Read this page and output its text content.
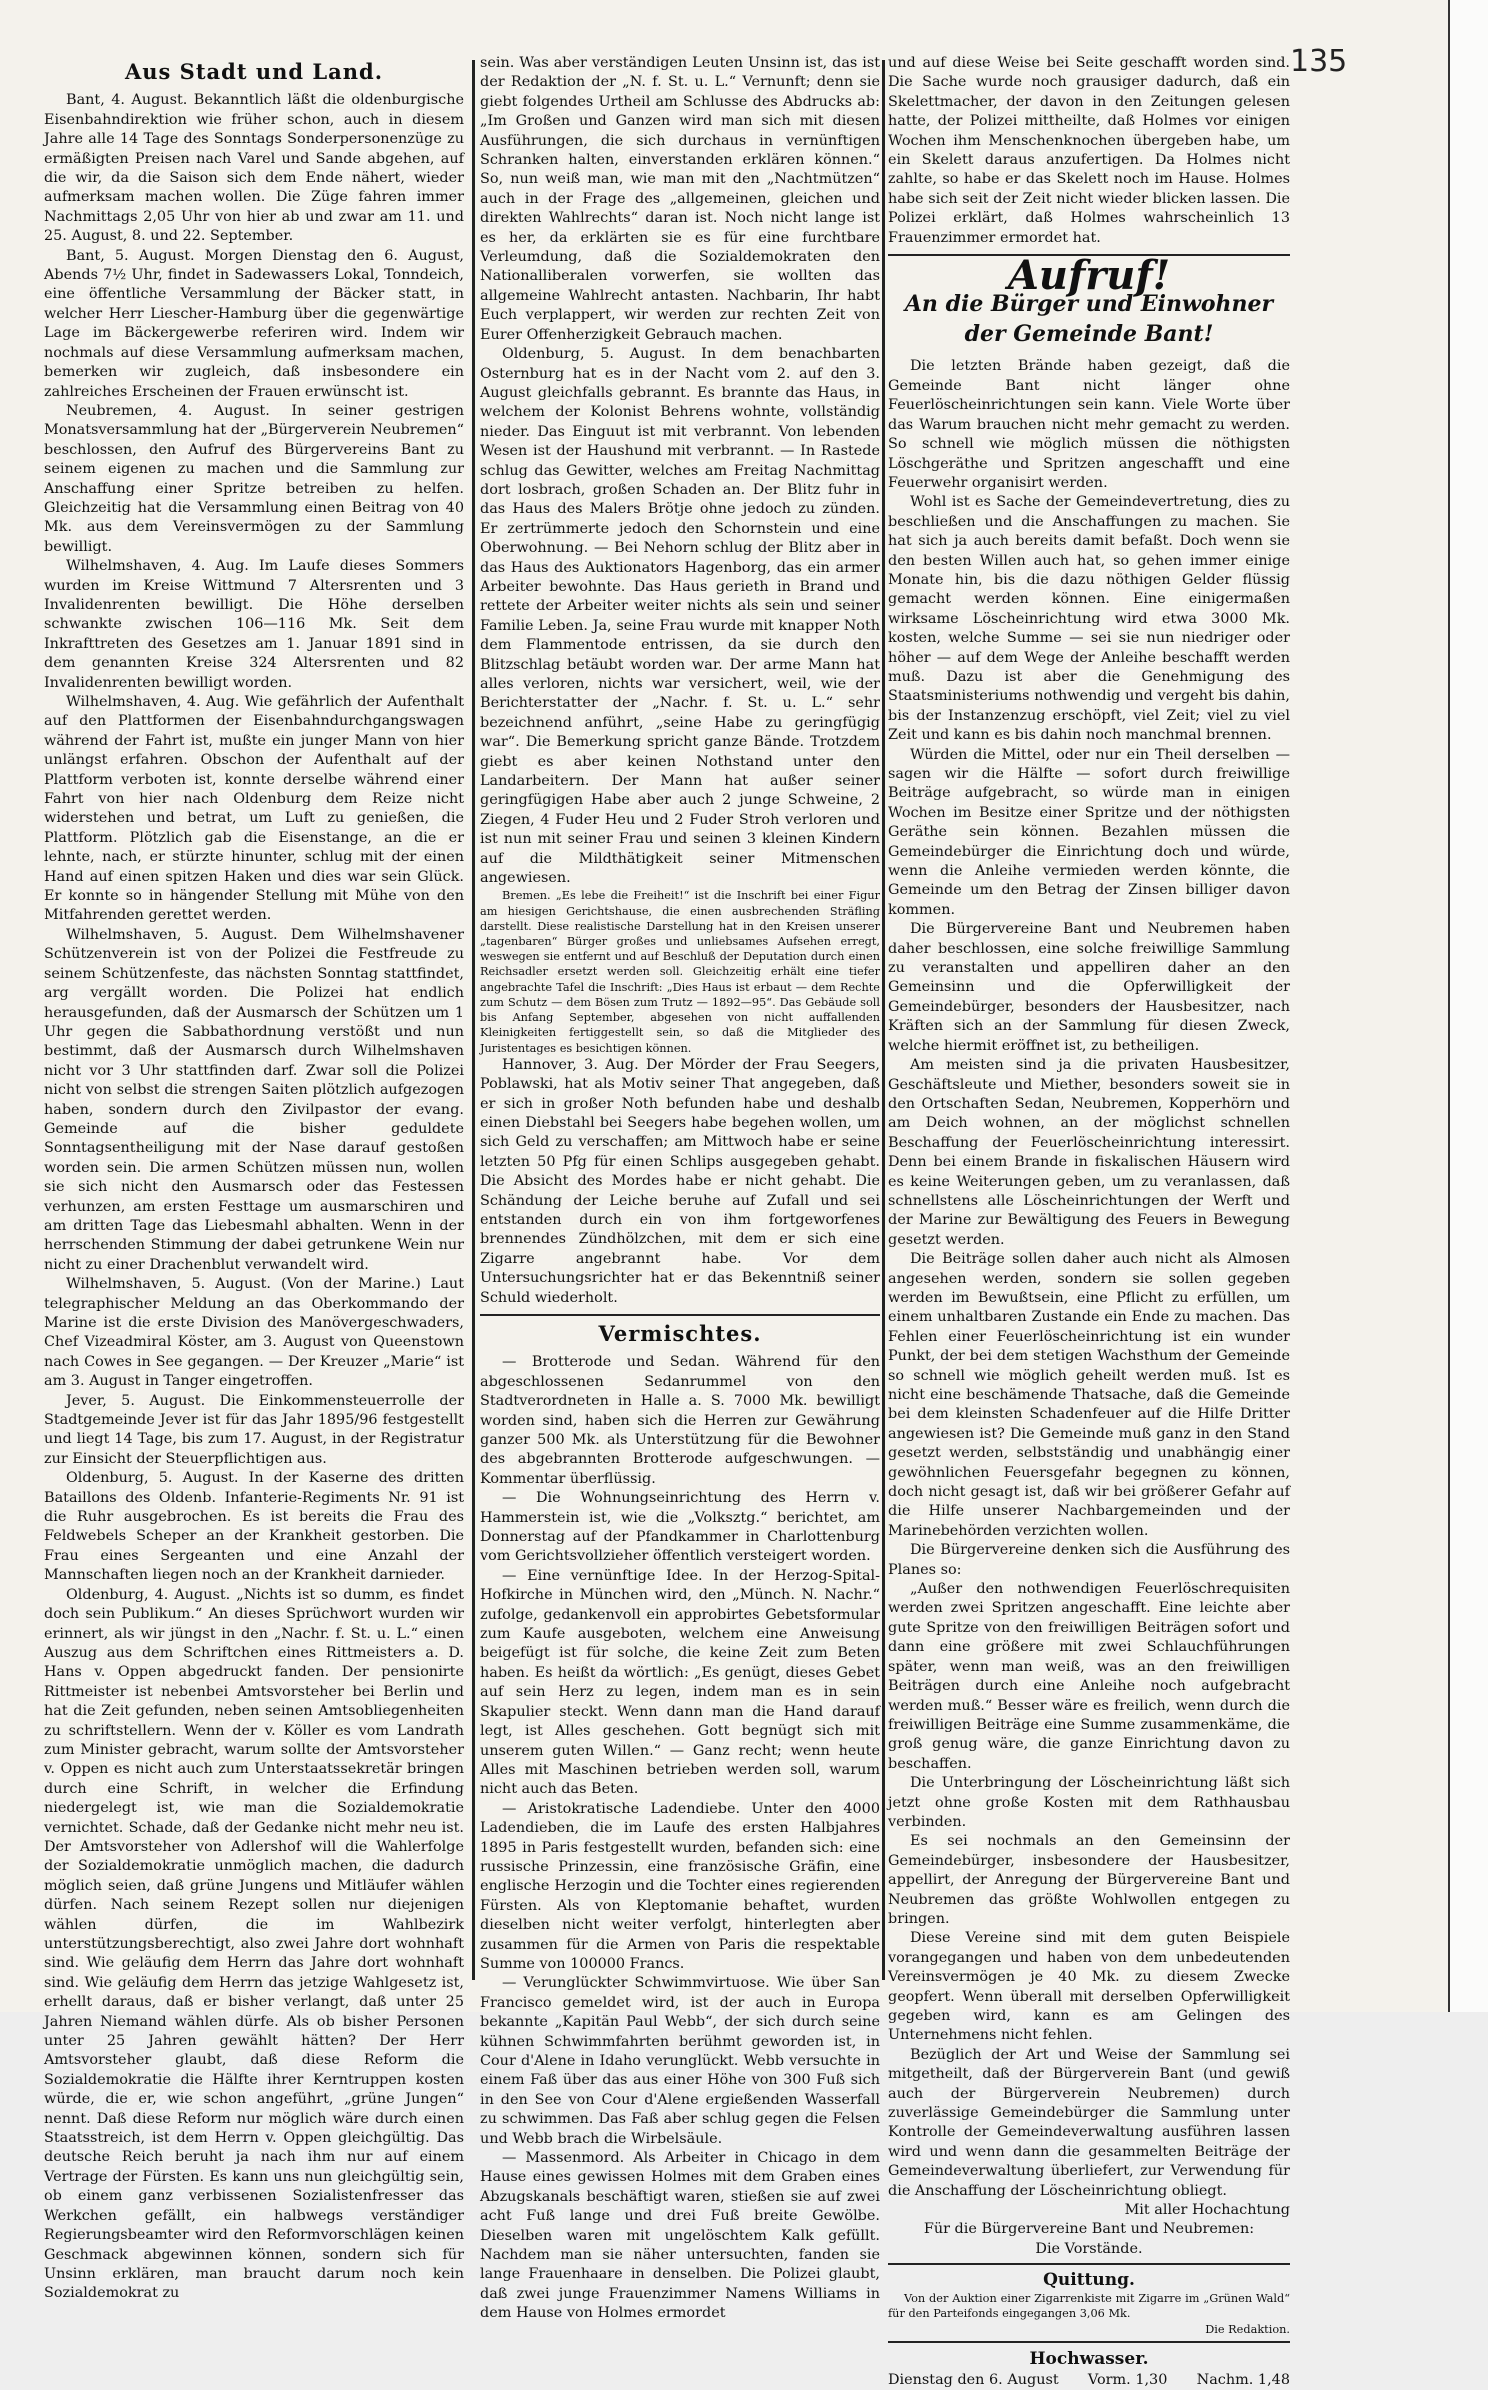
135
Aus Stadt und Land.

Bant, 4. August. Bekanntlich läßt die oldenburgische Eisenbahndirektion wie früher schon, auch in diesem Jahre alle 14 Tage des Sonntags Sonderpersonenzüge zu ermäßigten Preisen nach Varel und Sande abgehen, auf die wir, da die Saison sich dem Ende nähert, wieder aufmerksam machen wollen. Die Züge fahren immer Nachmittags 2,05 Uhr von hier ab und zwar am 11. und 25. August, 8. und 22. September.

Bant, 5. August. Morgen Dienstag den 6. August, Abends 7½ Uhr, findet in Sadewassers Lokal, Tonndeich, eine öffentliche Versammlung der Bäcker statt, in welcher Herr Liescher-Hamburg über die gegenwärtige Lage im Bäckergewerbe referiren wird. Indem wir nochmals auf diese Versammlung aufmerksam machen, bemerken wir zugleich, daß insbesondere ein zahlreiches Erscheinen der Frauen erwünscht ist.

Neubremen, 4. August. In seiner gestrigen Monatsversammlung hat der „Bürgerverein Neubremen“ beschlossen, den Aufruf des Bürgervereins Bant zu seinem eigenen zu machen und die Sammlung zur Anschaffung einer Spritze betreiben zu helfen. Gleichzeitig hat die Versammlung einen Beitrag von 40 Mk. aus dem Vereinsvermögen zu der Sammlung bewilligt.

Wilhelmshaven, 4. Aug. Im Laufe dieses Sommers wurden im Kreise Wittmund 7 Altersrenten und 3 Invalidenrenten bewilligt. Die Höhe derselben schwankte zwischen 106—116 Mk. Seit dem Inkrafttreten des Gesetzes am 1. Januar 1891 sind in dem genannten Kreise 324 Altersrenten und 82 Invalidenrenten bewilligt worden.

Wilhelmshaven, 4. Aug. Wie gefährlich der Aufenthalt auf den Plattformen der Eisenbahndurchgangswagen während der Fahrt ist, mußte ein junger Mann von hier unlängst erfahren. Obschon der Aufenthalt auf der Plattform verboten ist, konnte derselbe während einer Fahrt von hier nach Oldenburg dem Reize nicht widerstehen und betrat, um Luft zu genießen, die Plattform. Plötzlich gab die Eisenstange, an die er lehnte, nach, er stürzte hinunter, schlug mit der einen Hand auf einen spitzen Haken und dies war sein Glück. Er konnte so in hängender Stellung mit Mühe von den Mitfahrenden gerettet werden.

Wilhelmshaven, 5. August. Dem Wilhelmshavener Schützenverein ist von der Polizei die Festfreude zu seinem Schützenfeste, das nächsten Sonntag stattfindet, arg vergällt worden. Die Polizei hat endlich herausgefunden, daß der Ausmarsch der Schützen um 1 Uhr gegen die Sabbathordnung verstößt und nun bestimmt, daß der Ausmarsch durch Wilhelmshaven nicht vor 3 Uhr stattfinden darf. Zwar soll die Polizei nicht von selbst die strengen Saiten plötzlich aufgezogen haben, sondern durch den Zivilpastor der evang. Gemeinde auf die bisher geduldete Sonntagsentheiligung mit der Nase darauf gestoßen worden sein. Die armen Schützen müssen nun, wollen sie sich nicht den Ausmarsch oder das Festessen verhunzen, am ersten Festtage um ausmarschiren und am dritten Tage das Liebesmahl abhalten. Wenn in der herrschenden Stimmung der dabei getrunkene Wein nur nicht zu einer Drachenblut verwandelt wird.

Wilhelmshaven, 5. August. (Von der Marine.) Laut telegraphischer Meldung an das Oberkommando der Marine ist die erste Division des Manövergeschwaders, Chef Vizeadmiral Köster, am 3. August von Queenstown nach Cowes in See gegangen. — Der Kreuzer „Marie“ ist am 3. August in Tanger eingetroffen.

Jever, 5. August. Die Einkommensteuerrolle der Stadtgemeinde Jever ist für das Jahr 1895/96 festgestellt und liegt 14 Tage, bis zum 17. August, in der Registratur zur Einsicht der Steuerpflichtigen aus.

Oldenburg, 5. August. In der Kaserne des dritten Bataillons des Oldenb. Infanterie-Regiments Nr. 91 ist die Ruhr ausgebrochen. Es ist bereits die Frau des Feldwebels Scheper an der Krankheit gestorben. Die Frau eines Sergeanten und eine Anzahl der Mannschaften liegen noch an der Krankheit darnieder.

Oldenburg, 4. August. „Nichts ist so dumm, es findet doch sein Publikum.“ An dieses Sprüchwort wurden wir erinnert, als wir jüngst in den „Nachr. f. St. u. L.“ einen Auszug aus dem Schriftchen eines Rittmeisters a. D. Hans v. Oppen abgedruckt fanden. Der pensionirte Rittmeister ist nebenbei Amtsvorsteher bei Berlin und hat die Zeit gefunden, neben seinen Amtsobliegenheiten zu schriftstellern. Wenn der v. Köller es vom Landrath zum Minister gebracht, warum sollte der Amtsvorsteher v. Oppen es nicht auch zum Unterstaatssekretär bringen durch eine Schrift, in welcher die Erfindung niedergelegt ist, wie man die Sozialdemokratie vernichtet. Schade, daß der Gedanke nicht mehr neu ist. Der Amtsvorsteher von Adlershof will die Wahlerfolge der Sozialdemokratie unmöglich machen, die dadurch möglich seien, daß grüne Jungens und Mitläufer wählen dürfen. Nach seinem Rezept sollen nur diejenigen wählen dürfen, die im Wahlbezirk unterstützungsberechtigt, also zwei Jahre dort wohnhaft sind. Wie geläufig dem Herrn das Jahre dort wohnhaft sind. Wie geläufig dem Herrn das jetzige Wahlgesetz ist, erhellt daraus, daß er bisher verlangt, daß unter 25 Jahren Niemand wählen dürfe. Als ob bisher Personen unter 25 Jahren gewählt hätten? Der Herr Amtsvorsteher glaubt, daß diese Reform die Sozialdemokratie die Hälfte ihrer Kerntruppen kosten würde, die er, wie schon angeführt, „grüne Jungen“ nennt. Daß diese Reform nur möglich wäre durch einen Staatsstreich, ist dem Herrn v. Oppen gleichgültig. Das deutsche Reich beruht ja nach ihm nur auf einem Vertrage der Fürsten. Es kann uns nun gleichgültig sein, ob einem ganz verbissenen Sozialistenfresser das Werkchen gefällt, ein halbwegs verständiger Regierungsbeamter wird den Reformvorschlägen keinen Geschmack abgewinnen können, sondern sich für Unsinn erklären, man braucht darum noch kein Sozialdemokrat zu

sein. Was aber verständigen Leuten Unsinn ist, das ist der Redaktion der „N. f. St. u. L.“ Vernunft; denn sie giebt folgendes Urtheil am Schlusse des Abdrucks ab: „Im Großen und Ganzen wird man sich mit diesen Ausführungen, die sich durchaus in vernünftigen Schranken halten, einverstanden erklären können.“ So, nun weiß man, wie man mit den „Nachtmützen“ auch in der Frage des „allgemeinen, gleichen und direkten Wahlrechts“ daran ist. Noch nicht lange ist es her, da erklärten sie es für eine furchtbare Verleumdung, daß die Sozialdemokraten den Nationalliberalen vorwerfen, sie wollten das allgemeine Wahlrecht antasten. Nachbarin, Ihr habt Euch verplappert, wir werden zur rechten Zeit von Eurer Offenherzigkeit Gebrauch machen.

Oldenburg, 5. August. In dem benachbarten Osternburg hat es in der Nacht vom 2. auf den 3. August gleichfalls gebrannt. Es brannte das Haus, in welchem der Kolonist Behrens wohnte, vollständig nieder. Das Einguut ist mit verbrannt. Von lebenden Wesen ist der Haushund mit verbrannt. — In Rastede schlug das Gewitter, welches am Freitag Nachmittag dort losbrach, großen Schaden an. Der Blitz fuhr in das Haus des Malers Brötje ohne jedoch zu zünden. Er zertrümmerte jedoch den Schornstein und eine Oberwohnung. — Bei Nehorn schlug der Blitz aber in das Haus des Auktionators Hagenborg, das ein armer Arbeiter bewohnte. Das Haus gerieth in Brand und rettete der Arbeiter weiter nichts als sein und seiner Familie Leben. Ja, seine Frau wurde mit knapper Noth dem Flammentode entrissen, da sie durch den Blitzschlag betäubt worden war. Der arme Mann hat alles verloren, nichts war versichert, weil, wie der Berichterstatter der „Nachr. f. St. u. L.“ sehr bezeichnend anführt, „seine Habe zu geringfügig war“. Die Bemerkung spricht ganze Bände. Trotzdem giebt es aber keinen Nothstand unter den Landarbeitern. Der Mann hat außer seiner geringfügigen Habe aber auch 2 junge Schweine, 2 Ziegen, 4 Fuder Heu und 2 Fuder Stroh verloren und ist nun mit seiner Frau und seinen 3 kleinen Kindern auf die Mildthätigkeit seiner Mitmenschen angewiesen.

Bremen. „Es lebe die Freiheit!“ ist die Inschrift bei einer Figur am hiesigen Gerichtshause, die einen ausbrechenden Sträfling darstellt. Diese realistische Darstellung hat in den Kreisen unserer „tagenbaren“ Bürger großes und unliebsames Aufsehen erregt, weswegen sie entfernt und auf Beschluß der Deputation durch einen Reichsadler ersetzt werden soll. Gleichzeitig erhält eine tiefer angebrachte Tafel die Inschrift: „Dies Haus ist erbaut — dem Rechte zum Schutz — dem Bösen zum Trutz — 1892—95“. Das Gebäude soll bis Anfang September, abgesehen von nicht auffallenden Kleinigkeiten fertiggestellt sein, so daß die Mitglieder des Juristentages es besichtigen können.

Hannover, 3. Aug. Der Mörder der Frau Seegers, Poblawski, hat als Motiv seiner That angegeben, daß er sich in großer Noth befunden habe und deshalb einen Diebstahl bei Seegers habe begehen wollen, um sich Geld zu verschaffen; am Mittwoch habe er seine letzten 50 Pfg für einen Schlips ausgegeben gehabt. Die Absicht des Mordes habe er nicht gehabt. Die Schändung der Leiche beruhe auf Zufall und sei entstanden durch ein von ihm fortgeworfenes brennendes Zündhölzchen, mit dem er sich eine Zigarre angebrannt habe. Vor dem Untersuchungsrichter hat er das Bekenntniß seiner Schuld wiederholt.

Vermischtes.

— Brotterode und Sedan. Während für den abgeschlossenen Sedanrummel von den Stadtverordneten in Halle a. S. 7000 Mk. bewilligt worden sind, haben sich die Herren zur Gewährung ganzer 500 Mk. als Unterstützung für die Bewohner des abgebrannten Brotterode aufgeschwungen. — Kommentar überflüssig.

— Die Wohnungseinrichtung des Herrn v. Hammerstein ist, wie die „Volksztg.“ berichtet, am Donnerstag auf der Pfandkammer in Charlottenburg vom Gerichtsvollzieher öffentlich versteigert worden.

— Eine vernünftige Idee. In der Herzog-Spital-Hofkirche in München wird, den „Münch. N. Nachr.“ zufolge, gedankenvoll ein approbirtes Gebetsformular zum Kaufe ausgeboten, welchem eine Anweisung beigefügt ist für solche, die keine Zeit zum Beten haben. Es heißt da wörtlich: „Es genügt, dieses Gebet auf sein Herz zu legen, indem man es in sein Skapulier steckt. Wenn dann man die Hand darauf legt, ist Alles geschehen. Gott begnügt sich mit unserem guten Willen.“ — Ganz recht; wenn heute Alles mit Maschinen betrieben werden soll, warum nicht auch das Beten.

— Aristokratische Ladendiebe. Unter den 4000 Ladendieben, die im Laufe des ersten Halbjahres 1895 in Paris festgestellt wurden, befanden sich: eine russische Prinzessin, eine französische Gräfin, eine englische Herzogin und die Tochter eines regierenden Fürsten. Als von Kleptomanie behaftet, wurden dieselben nicht weiter verfolgt, hinterlegten aber zusammen für die Armen von Paris die respektable Summe von 100000 Francs.

— Verunglückter Schwimmvirtuose. Wie über San Francisco gemeldet wird, ist der auch in Europa bekannte „Kapitän Paul Webb“, der sich durch seine kühnen Schwimmfahrten berühmt geworden ist, in Cour d'Alene in Idaho verunglückt. Webb versuchte in einem Faß über das aus einer Höhe von 300 Fuß sich in den See von Cour d'Alene ergießenden Wasserfall zu schwimmen. Das Faß aber schlug gegen die Felsen und Webb brach die Wirbelsäule.

— Massenmord. Als Arbeiter in Chicago in dem Hause eines gewissen Holmes mit dem Graben eines Abzugskanals beschäftigt waren, stießen sie auf zwei acht Fuß lange und drei Fuß breite Gewölbe. Dieselben waren mit ungelöschtem Kalk gefüllt. Nachdem man sie näher untersuchten, fanden sie lange Frauenhaare in denselben. Die Polizei glaubt, daß zwei junge Frauenzimmer Namens Williams in dem Hause von Holmes ermordet

und auf diese Weise bei Seite geschafft worden sind. Die Sache wurde noch grausiger dadurch, daß ein Skelettmacher, der davon in den Zeitungen gelesen hatte, der Polizei mittheilte, daß Holmes vor einigen Wochen ihm Menschenknochen übergeben habe, um ein Skelett daraus anzufertigen. Da Holmes nicht zahlte, so habe er das Skelett noch im Hause. Holmes habe sich seit der Zeit nicht wieder blicken lassen. Die Polizei erklärt, daß Holmes wahrscheinlich 13 Frauenzimmer ermordet hat.

Aufruf!
An die Bürger und Einwohner
der Gemeinde Bant!

Die letzten Brände haben gezeigt, daß die Gemeinde Bant nicht länger ohne Feuerlöscheinrichtungen sein kann. Viele Worte über das Warum brauchen nicht mehr gemacht zu werden. So schnell wie möglich müssen die nöthigsten Löschgeräthe und Spritzen angeschafft und eine Feuerwehr organisirt werden.

Wohl ist es Sache der Gemeindevertretung, dies zu beschließen und die Anschaffungen zu machen. Sie hat sich ja auch bereits damit befaßt. Doch wenn sie den besten Willen auch hat, so gehen immer einige Monate hin, bis die dazu nöthigen Gelder flüssig gemacht werden können. Eine einigermaßen wirksame Löscheinrichtung wird etwa 3000 Mk. kosten, welche Summe — sei sie nun niedriger oder höher — auf dem Wege der Anleihe beschafft werden muß. Dazu ist aber die Genehmigung des Staatsministeriums nothwendig und vergeht bis dahin, bis der Instanzenzug erschöpft, viel Zeit; viel zu viel Zeit und kann es bis dahin noch manchmal brennen.

Würden die Mittel, oder nur ein Theil derselben — sagen wir die Hälfte — sofort durch freiwillige Beiträge aufgebracht, so würde man in einigen Wochen im Besitze einer Spritze und der nöthigsten Geräthe sein können. Bezahlen müssen die Gemeindebürger die Einrichtung doch und würde, wenn die Anleihe vermieden werden könnte, die Gemeinde um den Betrag der Zinsen billiger davon kommen.

Die Bürgervereine Bant und Neubremen haben daher beschlossen, eine solche freiwillige Sammlung zu veranstalten und appelliren daher an den Gemeinsinn und die Opferwilligkeit der Gemeindebürger, besonders der Hausbesitzer, nach Kräften sich an der Sammlung für diesen Zweck, welche hiermit eröffnet ist, zu betheiligen.

Am meisten sind ja die privaten Hausbesitzer, Geschäftsleute und Miether, besonders soweit sie in den Ortschaften Sedan, Neubremen, Kopperhörn und am Deich wohnen, an der möglichst schnellen Beschaffung der Feuerlöscheinrichtung interessirt. Denn bei einem Brande in fiskalischen Häusern wird es keine Weiterungen geben, um zu veranlassen, daß schnellstens alle Löscheinrichtungen der Werft und der Marine zur Bewältigung des Feuers in Bewegung gesetzt werden.

Die Beiträge sollen daher auch nicht als Almosen angesehen werden, sondern sie sollen gegeben werden im Bewußtsein, eine Pflicht zu erfüllen, um einem unhaltbaren Zustande ein Ende zu machen. Das Fehlen einer Feuerlöscheinrichtung ist ein wunder Punkt, der bei dem stetigen Wachsthum der Gemeinde so schnell wie möglich geheilt werden muß. Ist es nicht eine beschämende Thatsache, daß die Gemeinde bei dem kleinsten Schadenfeuer auf die Hilfe Dritter angewiesen ist? Die Gemeinde muß ganz in den Stand gesetzt werden, selbstständig und unabhängig einer gewöhnlichen Feuersgefahr begegnen zu können, doch nicht gesagt ist, daß wir bei größerer Gefahr auf die Hilfe unserer Nachbargemeinden und der Marinebehörden verzichten wollen.

Die Bürgervereine denken sich die Ausführung des Planes so:

„Außer den nothwendigen Feuerlöschrequisiten werden zwei Spritzen angeschafft. Eine leichte aber gute Spritze von den freiwilligen Beiträgen sofort und dann eine größere mit zwei Schlauchführungen später, wenn man weiß, was an den freiwilligen Beiträgen durch eine Anleihe noch aufgebracht werden muß.“ Besser wäre es freilich, wenn durch die freiwilligen Beiträge eine Summe zusammenkäme, die groß genug wäre, die ganze Einrichtung davon zu beschaffen.

Die Unterbringung der Löscheinrichtung läßt sich jetzt ohne große Kosten mit dem Rathhausbau verbinden.

Es sei nochmals an den Gemeinsinn der Gemeindebürger, insbesondere der Hausbesitzer, appellirt, der Anregung der Bürgervereine Bant und Neubremen das größte Wohlwollen entgegen zu bringen.

Diese Vereine sind mit dem guten Beispiele vorangegangen und haben von dem unbedeutenden Vereinsvermögen je 40 Mk. zu diesem Zwecke geopfert. Wenn überall mit derselben Opferwilligkeit gegeben wird, kann es am Gelingen des Unternehmens nicht fehlen.

Bezüglich der Art und Weise der Sammlung sei mitgetheilt, daß der Bürgerverein Bant (und gewiß auch der Bürgerverein Neubremen) durch zuverlässige Gemeindebürger die Sammlung unter Kontrolle der Gemeindeverwaltung ausführen lassen wird und wenn dann die gesammelten Beiträge der Gemeindeverwaltung überliefert, zur Verwendung für die Anschaffung der Löscheinrichtung obliegt.

Mit aller Hochachtung

Für die Bürgervereine Bant und Neubremen:

Die Vorstände.

Quittung.

Von der Auktion einer Zigarrenkiste mit Zigarre im „Grünen Wald“ für den Parteifonds eingegangen 3,06 Mk.

Die Redaktion.

Hochwasser.
Dienstag den 6. August Vorm. 1,30 Nachm. 1,48
